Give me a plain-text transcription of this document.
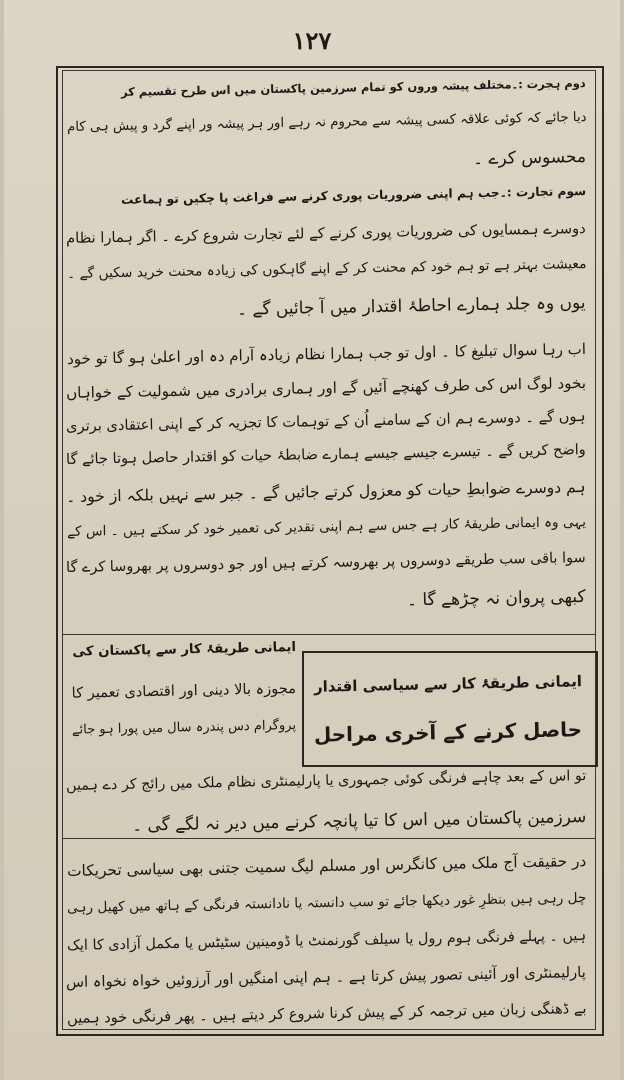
۱۲۷
دوم ہجرت :۔مختلف پیشہ وروں کو تمام سرزمین پاکستان میں اس طرح تقسیم کر
دیا جائے کہ کوئی علاقہ کسی پیشہ سے محروم نہ رہے اور ہر پیشہ ور اپنے گرد و پیش ہی کام
محسوس کرے ۔
سوم تجارت :۔جب ہم اپنی ضروریات پوری کرنے سے فراغت پا چکیں تو ہماعت
دوسرے ہمسایوں کی ضروریات پوری کرنے کے لئے تجارت شروع کرے ۔ اگر ہمارا نظام
معیشت بہتر ہے تو ہم خود کم محنت کر کے اپنے گاہکوں کی زیادہ محنت خرید سکیں گے ۔
یوں وہ جلد ہمارے احاطۂ اقتدار میں آ جائیں گے ۔
اب رہا سوال تبلیغ کا ۔ اول تو جب ہمارا نظام زیادہ آرام دہ اور اعلیٰ ہو گا تو خود
بخود لوگ اس کی طرف کھنچے آئیں گے اور ہماری برادری میں شمولیت کے خواہاں
ہوں گے ۔ دوسرے ہم ان کے سامنے اُن کے توہمات کا تجزیہ کر کے اپنی اعتقادی برتری
واضح کریں گے ۔ تیسرے جیسے جیسے ہمارے ضابطۂ حیات کو اقتدار حاصل ہوتا جائے گا
ہم دوسرے ضوابطِ حیات کو معزول کرتے جائیں گے ۔ جبر سے نہیں بلکہ از خود ۔
یہی وہ ایمانی طریقۂ کار ہے جس سے ہم اپنی تقدیر کی تعمیر خود کر سکتے ہیں ۔ اس کے
سوا باقی سب طریقے دوسروں پر بھروسہ کرتے ہیں اور جو دوسروں پر بھروسا کرے گا
کبھی پروان نہ چڑھے گا ۔
ایمانی طریقۂ کار سے سیاسی اقتدار
حاصل کرنے کے آخری مراحل
ایمانی طریقۂ کار سے پاکستان کی
مجوزہ بالا دینی اور اقتصادی تعمیر کا
پروگرام دس پندرہ سال میں پورا ہو جائے
تو اس کے بعد چاہے فرنگی کوئی جمہوری یا پارلیمنٹری نظام ملک میں رائج کر دے ہمیں
سرزمین پاکستان میں اس کا تیا پانچہ کرنے میں دیر نہ لگے گی ۔
در حقیقت آج ملک میں کانگرس اور مسلم لیگ سمیت جتنی بھی سیاسی تحریکات
چل رہی ہیں بنظرِ غور دیکھا جائے تو سب دانستہ یا نادانستہ فرنگی کے ہاتھ میں کھیل رہی
ہیں ۔ پہلے فرنگی ہوم رول یا سیلف گورنمنٹ یا ڈومینین سٹیٹس یا مکمل آزادی کا ایک
پارلیمنٹری اور آئینی تصور پیش کرتا ہے ۔ ہم اپنی امنگیں اور آرزوئیں خواہ نخواہ اس
بے ڈھنگی زبان میں ترجمہ کر کے پیش کرنا شروع کر دیتے ہیں ۔ پھر فرنگی خود ہمیں
